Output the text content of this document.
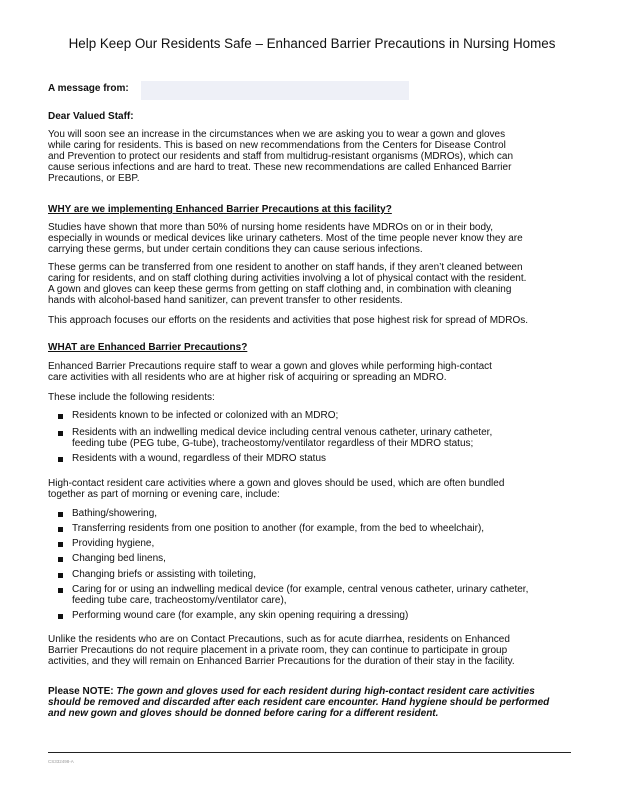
Help Keep Our Residents Safe – Enhanced Barrier Precautions in Nursing Homes
A message from:
Dear Valued Staff:
You will soon see an increase in the circumstances when we are asking you to wear a gown and gloves
while caring for residents. This is based on new recommendations from the Centers for Disease Control
and Prevention to protect our residents and staff from multidrug-resistant organisms (MDROs), which can
cause serious infections and are hard to treat. These new recommendations are called Enhanced Barrier
Precautions, or EBP.
WHY are we implementing Enhanced Barrier Precautions at this facility?
Studies have shown that more than 50% of nursing home residents have MDROs on or in their body,
especially in wounds or medical devices like urinary catheters. Most of the time people never know they are
carrying these germs, but under certain conditions they can cause serious infections.
These germs can be transferred from one resident to another on staff hands, if they aren’t cleaned between
caring for residents, and on staff clothing during activities involving a lot of physical contact with the resident.
A gown and gloves can keep these germs from getting on staff clothing and, in combination with cleaning
hands with alcohol-based hand sanitizer, can prevent transfer to other residents.
This approach focuses our efforts on the residents and activities that pose highest risk for spread of MDROs.
WHAT are Enhanced Barrier Precautions?
Enhanced Barrier Precautions require staff to wear a gown and gloves while performing high-contact
care activities with all residents who are at higher risk of acquiring or spreading an MDRO.
These include the following residents:
Residents known to be infected or colonized with an MDRO;
Residents with an indwelling medical device including central venous catheter, urinary catheter,
feeding tube (PEG tube, G-tube), tracheostomy/ventilator regardless of their MDRO status;
Residents with a wound, regardless of their MDRO status
High-contact resident care activities where a gown and gloves should be used, which are often bundled
together as part of morning or evening care, include:
Bathing/showering,
Transferring residents from one position to another (for example, from the bed to wheelchair),
Providing hygiene,
Changing bed linens,
Changing briefs or assisting with toileting,
Caring for or using an indwelling medical device (for example, central venous catheter, urinary catheter,
feeding tube care, tracheostomy/ventilator care),
Performing wound care (for example, any skin opening requiring a dressing)
Unlike the residents who are on Contact Precautions, such as for acute diarrhea, residents on Enhanced
Barrier Precautions do not require placement in a private room, they can continue to participate in group
activities, and they will remain on Enhanced Barrier Precautions for the duration of their stay in the facility.
Please NOTE: The gown and gloves used for each resident during high-contact resident care activities
should be removed and discarded after each resident care encounter. Hand hygiene should be performed
and new gown and gloves should be donned before caring for a different resident.
CS332498-A
